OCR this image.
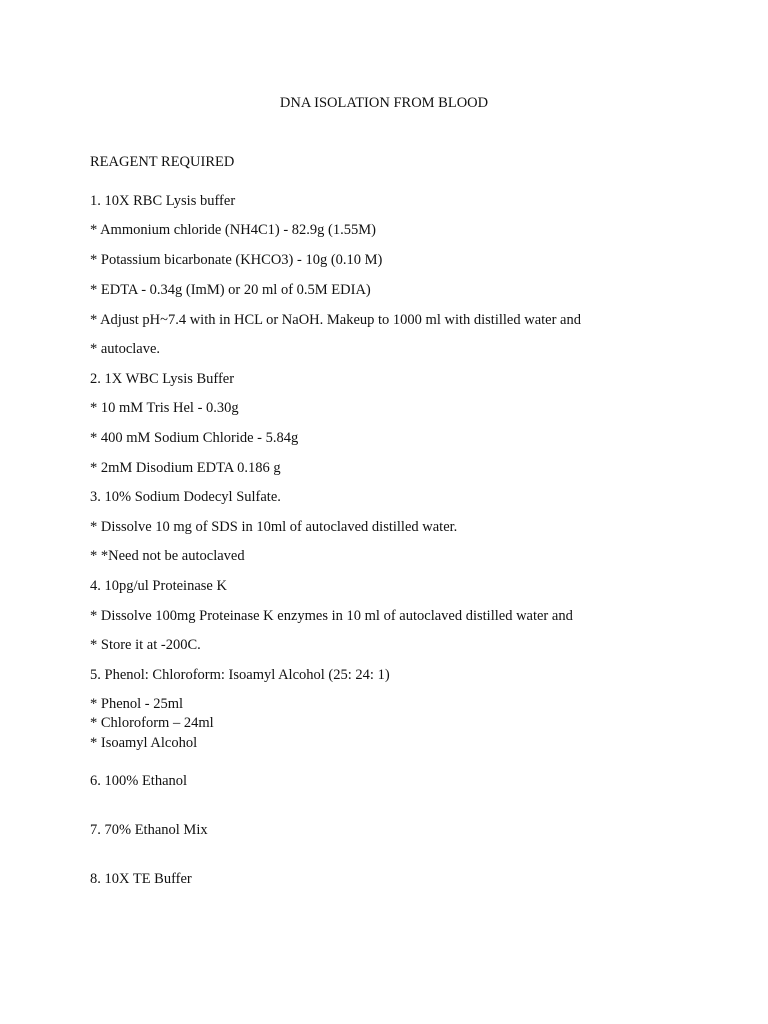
DNA ISOLATION FROM BLOOD
REAGENT REQUIRED
1. 10X RBC Lysis buffer
* Ammonium chloride (NH4C1) - 82.9g (1.55M)
* Potassium bicarbonate (KHCO3) - 10g (0.10 M)
* EDTA - 0.34g (ImM) or 20 ml of 0.5M EDIA)
* Adjust pH~7.4 with in HCL or NaOH. Makeup to 1000 ml with distilled water and
* autoclave.
2. 1X WBC Lysis Buffer
* 10 mM Tris Hel - 0.30g
* 400 mM Sodium Chloride - 5.84g
* 2mM Disodium EDTA 0.186 g
3. 10% Sodium Dodecyl Sulfate.
* Dissolve 10 mg of SDS in 10ml of autoclaved distilled water.
* *Need not be autoclaved
4. 10pg/ul Proteinase K
* Dissolve 100mg Proteinase K enzymes in 10 ml of autoclaved distilled water and
* Store it at -200C.
5. Phenol: Chloroform: Isoamyl Alcohol (25: 24: 1)
* Phenol - 25ml
* Chloroform – 24ml
* Isoamyl Alcohol
6. 100% Ethanol
7. 70% Ethanol Mix
8. 10X TE Buffer
